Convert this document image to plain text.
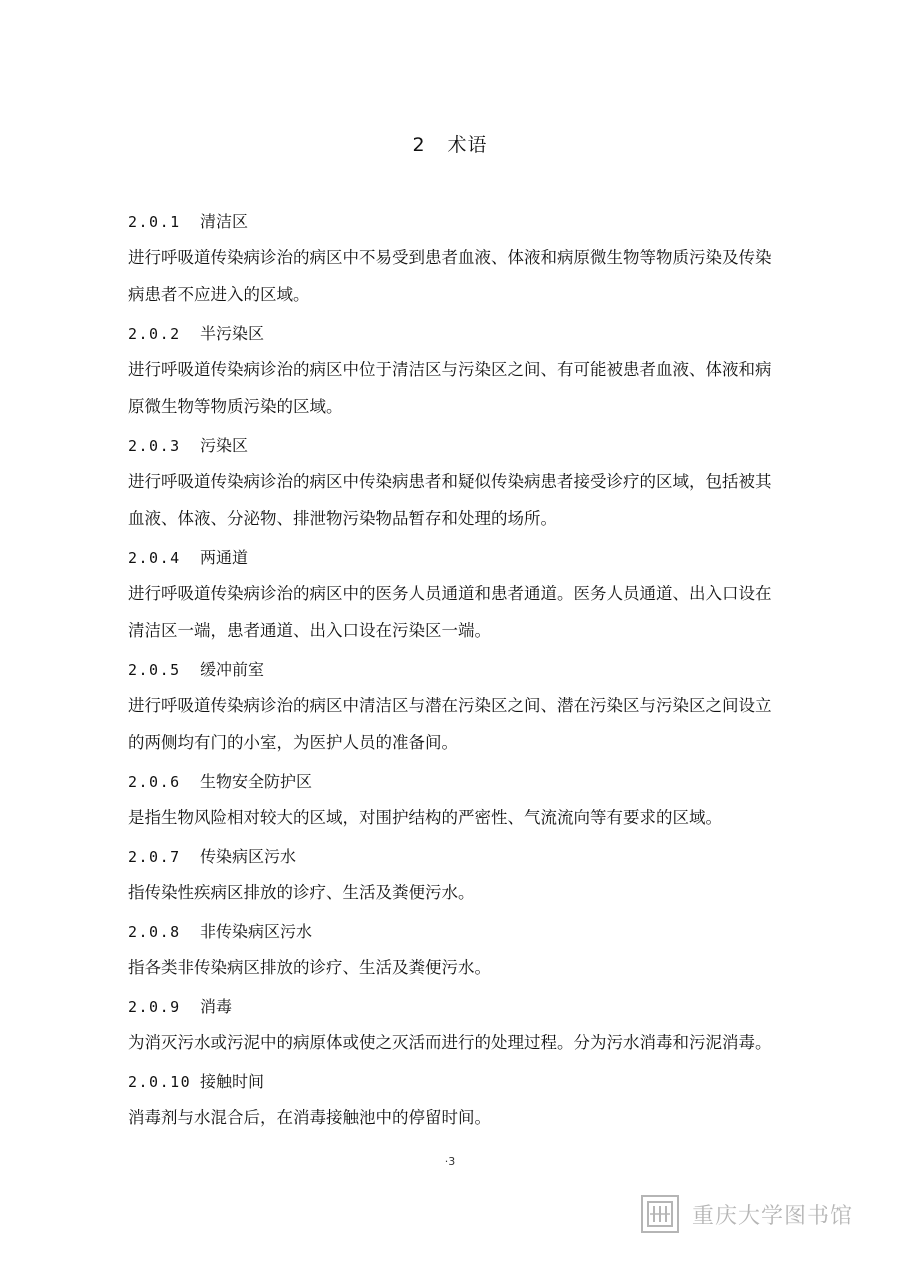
2 术语
2.0.1 清洁区

进行呼吸道传染病诊治的病区中不易受到患者血液、体液和病原微生物等物质污染及传染病患者不应进入的区域。

2.0.2 半污染区

进行呼吸道传染病诊治的病区中位于清洁区与污染区之间、有可能被患者血液、体液和病原微生物等物质污染的区域。

2.0.3 污染区

进行呼吸道传染病诊治的病区中传染病患者和疑似传染病患者接受诊疗的区域，包括被其血液、体液、分泌物、排泄物污染物品暂存和处理的场所。

2.0.4 两通道

进行呼吸道传染病诊治的病区中的医务人员通道和患者通道。医务人员通道、出入口设在清洁区一端，患者通道、出入口设在污染区一端。

2.0.5 缓冲前室

进行呼吸道传染病诊治的病区中清洁区与潜在污染区之间、潜在污染区与污染区之间设立的两侧均有门的小室，为医护人员的准备间。

2.0.6 生物安全防护区

是指生物风险相对较大的区域，对围护结构的严密性、气流流向等有要求的区域。

2.0.7 传染病区污水

指传染性疾病区排放的诊疗、生活及粪便污水。

2.0.8 非传染病区污水

指各类非传染病区排放的诊疗、生活及粪便污水。

2.0.9 消毒

为消灭污水或污泥中的病原体或使之灭活而进行的处理过程。分为污水消毒和污泥消毒。

2.0.10 接触时间

消毒剂与水混合后，在消毒接触池中的停留时间。

·3
重庆大学图书馆
